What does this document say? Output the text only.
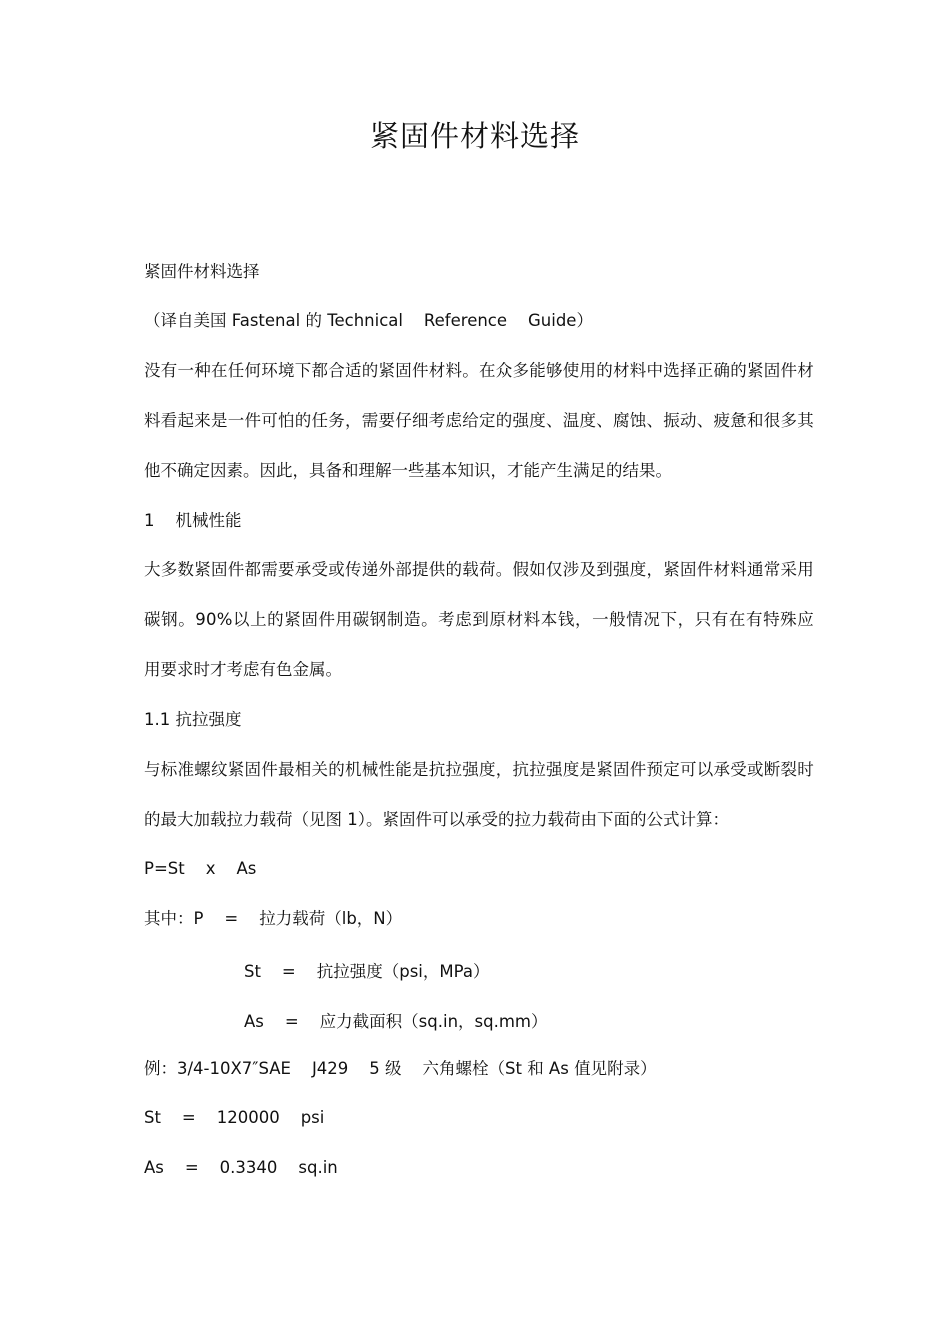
紧固件材料选择
紧固件材料选择
（译自美国 Fastenal 的 Technical    Reference    Guide）
没有一种在任何环境下都合适的紧固件材料。在众多能够使用的材料中选择正确的紧固件材
料看起来是一件可怕的任务，需要仔细考虑给定的强度、温度、腐蚀、振动、疲惫和很多其
他不确定因素。因此，具备和理解一些基本知识，才能产生满足的结果。
1    机械性能
大多数紧固件都需要承受或传递外部提供的载荷。假如仅涉及到强度，紧固件材料通常采用
碳钢。90%以上的紧固件用碳钢制造。考虑到原材料本钱，一般情况下，只有在有特殊应
用要求时才考虑有色金属。
1.1 抗拉强度
与标准螺纹紧固件最相关的机械性能是抗拉强度，抗拉强度是紧固件预定可以承受或断裂时
的最大加载拉力载荷（见图 1）。紧固件可以承受的拉力载荷由下面的公式计算：
P=St    x    As
其中：P    =    拉力载荷（lb，N）
St    =    抗拉强度（psi，MPa）
As    =    应力截面积（sq.in，sq.mm）
例：3/4-10X7″SAE    J429    5 级    六角螺栓（St 和 As 值见附录）
St    =    120000    psi
As    =    0.3340    sq.in
